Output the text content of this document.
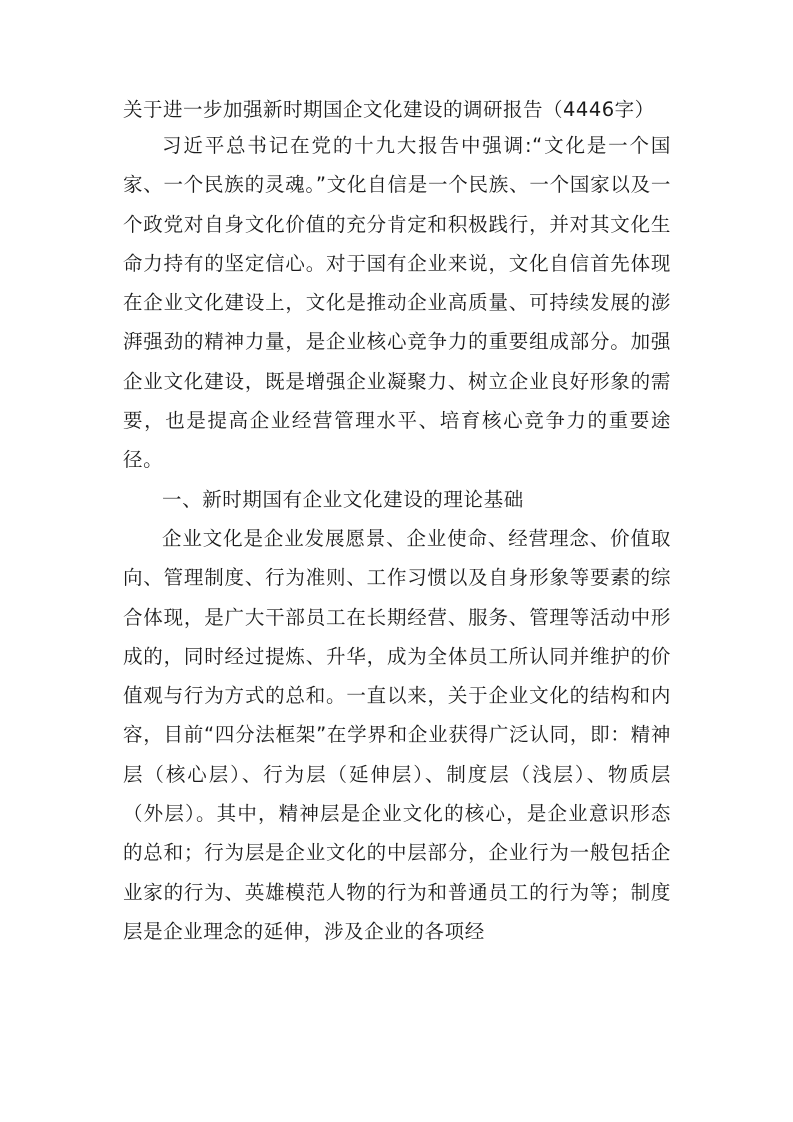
关于进一步加强新时期国企文化建设的调研报告（4446字）

习近平总书记在党的十九大报告中强调:“文化是一个国家、一个民族的灵魂。”文化自信是一个民族、一个国家以及一个政党对自身文化价值的充分肯定和积极践行，并对其文化生命力持有的坚定信心。对于国有企业来说，文化自信首先体现在企业文化建设上，文化是推动企业高质量、可持续发展的澎湃强劲的精神力量，是企业核心竞争力的重要组成部分。加强企业文化建设，既是增强企业凝聚力、树立企业良好形象的需要，也是提高企业经营管理水平、培育核心竞争力的重要途径。

一、新时期国有企业文化建设的理论基础

企业文化是企业发展愿景、企业使命、经营理念、价值取向、管理制度、行为准则、工作习惯以及自身形象等要素的综合体现，是广大干部员工在长期经营、服务、管理等活动中形成的，同时经过提炼、升华，成为全体员工所认同并维护的价值观与行为方式的总和。一直以来，关于企业文化的结构和内容，目前“四分法框架”在学界和企业获得广泛认同，即：精神层（核心层）、行为层（延伸层）、制度层（浅层）、物质层（外层）。其中，精神层是企业文化的核心，是企业意识形态的总和；行为层是企业文化的中层部分，企业行为一般包括企业家的行为、英雄模范人物的行为和普通员工的行为等；制度层是企业理念的延伸，涉及企业的各项经
